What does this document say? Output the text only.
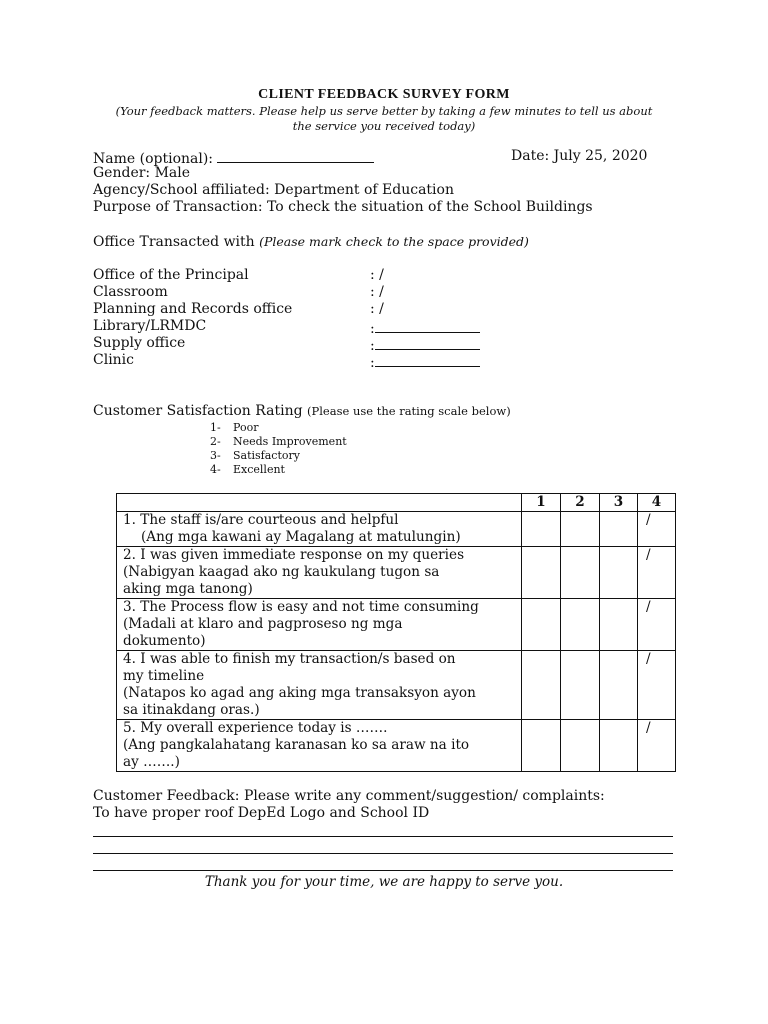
CLIENT FEEDBACK SURVEY FORM
(Your feedback matters. Please help us serve better by taking a few minutes to tell us about
the service you received today)
Name (optional):	Date: July 25, 2020
Gender: Male
Agency/School affiliated: Department of Education
Purpose of Transaction: To check the situation of the School Buildings
Office Transacted with (Please mark check to the space provided)
Office of the Principal	: /
Classroom	: /
Planning and Records office	: /
Library/LRMDC	:
Supply office	:
Clinic	:
Customer Satisfaction Rating (Please use the rating scale below)
1- Poor
2- Needs Improvement
3- Satisfactory
4- Excellent
	1	2	3	4

1. The staff is/are courteous and helpful
(Ang mga kawani ay Magalang at matulungin)				/

2. I was given immediate response on my queries
(Nabigyan kaagad ako ng kaukulang tugon sa
aking mga tanong)				/

3. The Process flow is easy and not time consuming
(Madali at klaro and pagproseso ng mga
dokumento)				/

4. I was able to finish my transaction/s based on
my timeline
(Natapos ko agad ang aking mga transaksyon ayon
sa itinakdang oras.)				/

5. My overall experience today is …….
(Ang pangkalahatang karanasan ko sa araw na ito
ay …….)				/
Customer Feedback: Please write any comment/suggestion/ complaints:
To have proper roof DepEd Logo and School ID
Thank you for your time, we are happy to serve you.
